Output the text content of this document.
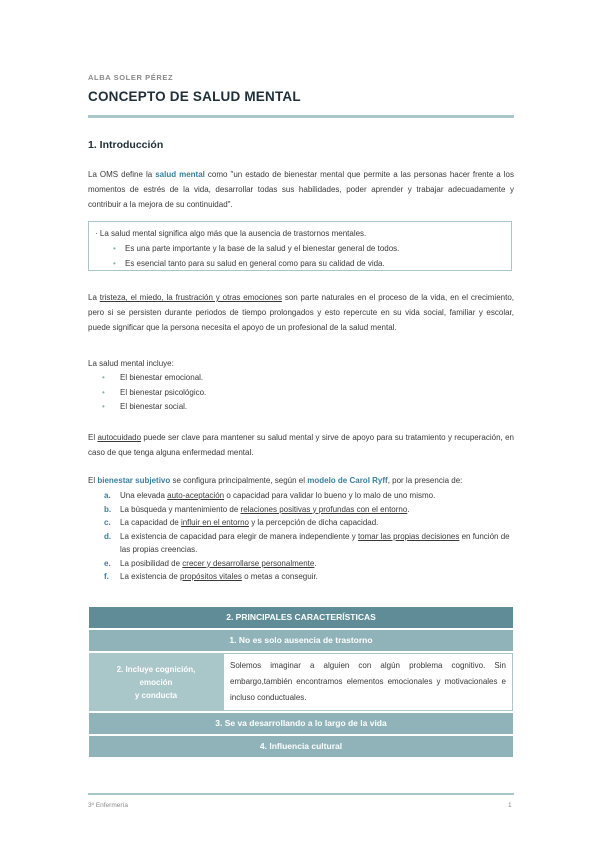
ALBA SOLER PÉREZ
CONCEPTO DE SALUD MENTAL
1. Introducción
La OMS define la salud mental como "un estado de bienestar mental que permite a las personas hacer frente a los momentos de estrés de la vida, desarrollar todas sus habilidades, poder aprender y trabajar adecuadamente y contribuir a la mejora de su continuidad".
· La salud mental significa algo más que la ausencia de trastornos mentales.
• Es una parte importante y la base de la salud y el bienestar general de todos.
• Es esencial tanto para su salud en general como para su calidad de vida.
La tristeza, el miedo, la frustración y otras emociones son parte naturales en el proceso de la vida, en el crecimiento, pero si se persisten durante periodos de tiempo prolongados y esto repercute en su vida social, familiar y escolar, puede significar que la persona necesita el apoyo de un profesional de la salud mental.
La salud mental incluye:
• El bienestar emocional.
• El bienestar psicológico.
• El bienestar social.
El autocuidado puede ser clave para mantener su salud mental y sirve de apoyo para su tratamiento y recuperación, en caso de que tenga alguna enfermedad mental.
El bienestar subjetivo se configura principalmente, según el modelo de Carol Ryff, por la presencia de:
a. Una elevada auto-aceptación o capacidad para validar lo bueno y lo malo de uno mismo.
b. La búsqueda y mantenimiento de relaciones positivas y profundas con el entorno.
c. La capacidad de influir en el entorno y la percepción de dicha capacidad.
d. La existencia de capacidad para elegir de manera independiente y tomar las propias decisiones en función de las propias creencias.
e. La posibilidad de crecer y desarrollarse personalmente.
f. La existencia de propósitos vitales o metas a conseguir.
2. PRINCIPALES CARACTERÍSTICAS
1. No es solo ausencia de trastorno
2. Incluye cognición,
emoción
y conducta
Solemos imaginar a alguien con algún problema cognitivo. Sin embargo,también encontramos elementos emocionales y motivacionales e incluso conductuales.
3. Se va desarrollando a lo largo de la vida
4. Influencia cultural
3º Enfermería	1
